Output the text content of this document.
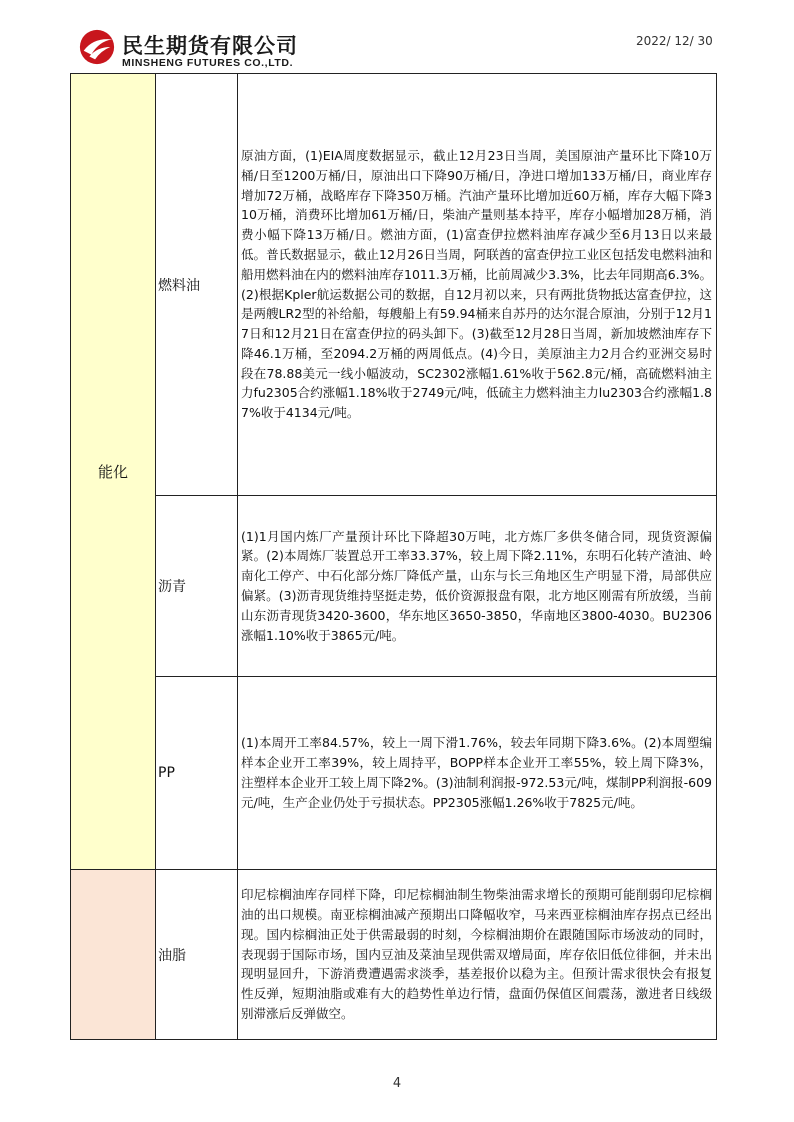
民生期货有限公司
MINSHENG FUTURES CO.,LTD.
2022/ 12/ 30
能化	燃料油	原油方面，(1)EIA周度数据显示，截止12月23日当周，美国原油产量环比下降10万桶/日至1200万桶/日，原油出口下降90万桶/日，净进口增加133万桶/日，商业库存增加72万桶，战略库存下降350万桶。汽油产量环比增加近60万桶，库存大幅下降310万桶，消费环比增加61万桶/日，柴油产量则基本持平，库存小幅增加28万桶，消费小幅下降13万桶/日。燃油方面，(1)富查伊拉燃料油库存减少至6月13日以来最低。普氏数据显示，截止12月26日当周，阿联酋的富查伊拉工业区包括发电燃料油和船用燃料油在内的燃料油库存1011.3万桶，比前周减少3.3%，比去年同期高6.3%。(2)根据Kpler航运数据公司的数据，自12月初以来，只有两批货物抵达富查伊拉，这是两艘LR2型的补给船，每艘船上有59.94桶来自苏丹的达尔混合原油，分别于12月17日和12月21日在富查伊拉的码头卸下。(3)截至12月28日当周，新加坡燃油库存下降46.1万桶，至2094.2万桶的两周低点。(4)今日，美原油主力2月合约亚洲交易时段在78.88美元一线小幅波动，SC2302涨幅1.61%收于562.8元/桶，高硫燃料油主力fu2305合约涨幅1.18%收于2749元/吨，低硫主力燃料油主力lu2303合约涨幅1.87%收于4134元/吨。
	沥青	(1)1月国内炼厂产量预计环比下降超30万吨，北方炼厂多供冬储合同，现货资源偏紧。(2)本周炼厂装置总开工率33.37%，较上周下降2.11%，东明石化转产渣油、岭南化工停产、中石化部分炼厂降低产量，山东与长三角地区生产明显下滑，局部供应偏紧。(3)沥青现货维持坚挺走势，低价资源报盘有限，北方地区刚需有所放缓，当前山东沥青现货3420-3600，华东地区3650-3850，华南地区3800-4030。BU2306涨幅1.10%收于3865元/吨。
	PP	(1)本周开工率84.57%，较上一周下滑1.76%，较去年同期下降3.6%。(2)本周塑编样本企业开工率39%，较上周持平，BOPP样本企业开工率55%，较上周下降3%，注塑样本企业开工较上周下降2%。(3)油制利润报-972.53元/吨，煤制PP利润报-609元/吨，生产企业仍处于亏损状态。PP2305涨幅1.26%收于7825元/吨。
	油脂	印尼棕榈油库存同样下降，印尼棕榈油制生物柴油需求增长的预期可能削弱印尼棕榈油的出口规模。南亚棕榈油减产预期出口降幅收窄，马来西亚棕榈油库存拐点已经出现。国内棕榈油正处于供需最弱的时刻，今棕榈油期价在跟随国际市场波动的同时，表现弱于国际市场，国内豆油及菜油呈现供需双增局面，库存依旧低位徘徊，并未出现明显回升，下游消费遭遇需求淡季，基差报价以稳为主。但预计需求很快会有报复性反弹，短期油脂或难有大的趋势性单边行情，盘面仍保值区间震荡，激进者日线级别滞涨后反弹做空。
4
